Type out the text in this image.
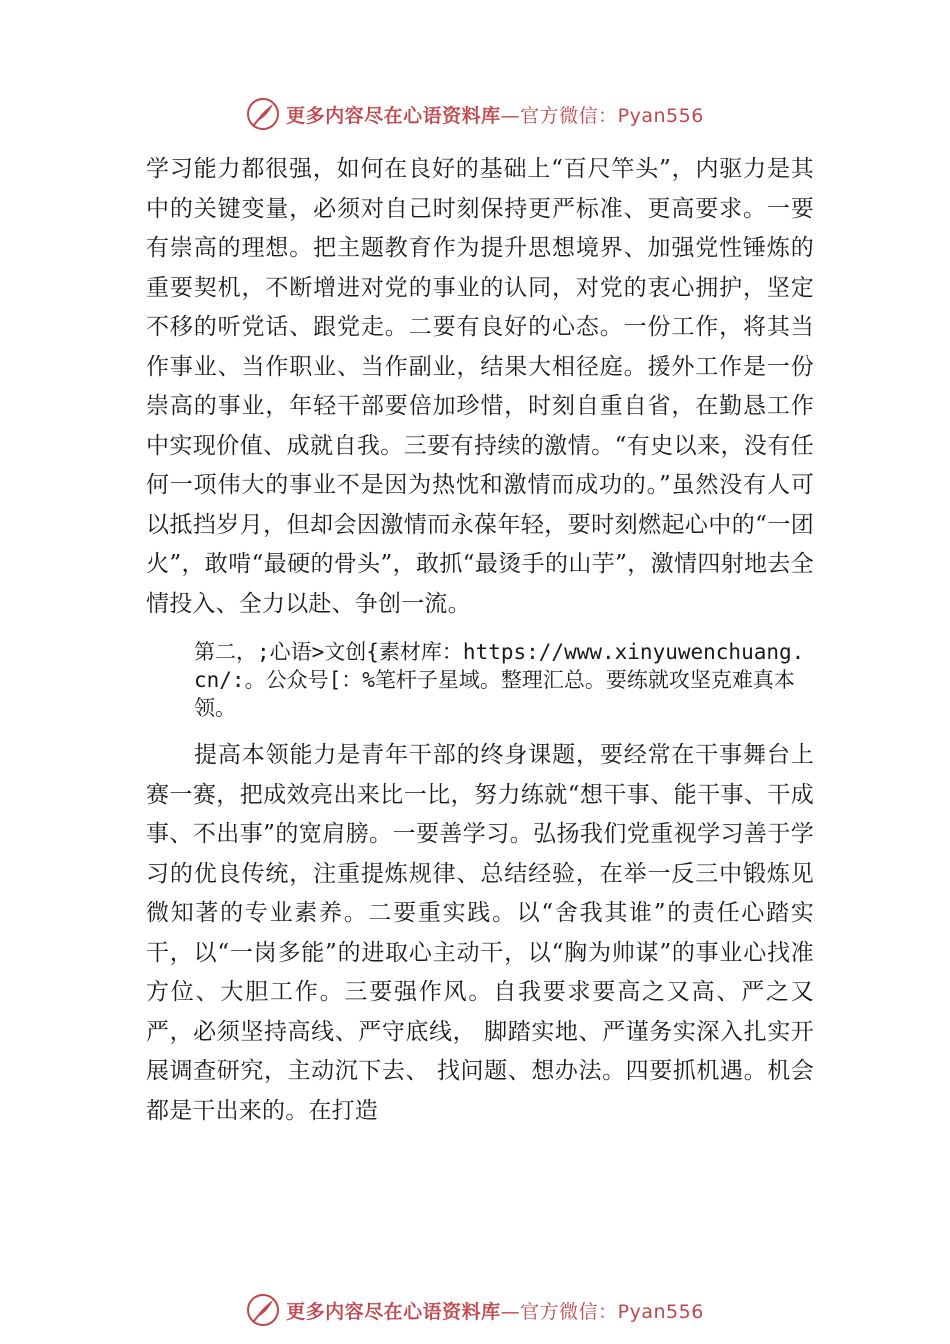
更多内容尽在心语资料库—官方微信：Pyan556

学习能力都很强，如何在良好的基础上“百尺竿头”，内驱力是其中的关键变量，必须对自己时刻保持更严标准、更高要求。一要有崇高的理想。把主题教育作为提升思想境界、加强党性锤炼的重要契机，不断增进对党的事业的认同，对党的衷心拥护，坚定不移的听党话、跟党走。二要有良好的心态。一份工作，将其当作事业、当作职业、当作副业，结果大相径庭。援外工作是一份崇高的事业，年轻干部要倍加珍惜，时刻自重自省，在勤恳工作中实现价值、成就自我。三要有持续的激情。“有史以来，没有任何一项伟大的事业不是因为热忱和激情而成功的。”虽然没有人可以抵挡岁月，但却会因激情而永葆年轻，要时刻燃起心中的“一团火”，敢啃“最硬的骨头”，敢抓“最烫手的山芋”，激情四射地去全情投入、全力以赴、争创一流。

第二，;心语>文创{素材库：https://www.xinyuwenchuang.cn/:。公众号[：%笔杆子星域。整理汇总。要练就攻坚克难真本领。

提高本领能力是青年干部的终身课题，要经常在干事舞台上赛一赛，把成效亮出来比一比，努力练就“想干事、能干事、干成事、不出事”的宽肩膀。一要善学习。弘扬我们党重视学习善于学习的优良传统，注重提炼规律、总结经验，在举一反三中锻炼见微知著的专业素养。二要重实践。以“舍我其谁”的责任心踏实干，以“一岗多能”的进取心主动干，以“胸为帅谋”的事业心找准方位、大胆工作。三要强作风。自我要求要高之又高、严之又严，必须坚持高线、严守底线， 脚踏实地、严谨务实深入扎实开展调查研究，主动沉下去、 找问题、想办法。四要抓机遇。机会都是干出来的。在打造

更多内容尽在心语资料库—官方微信：Pyan556
